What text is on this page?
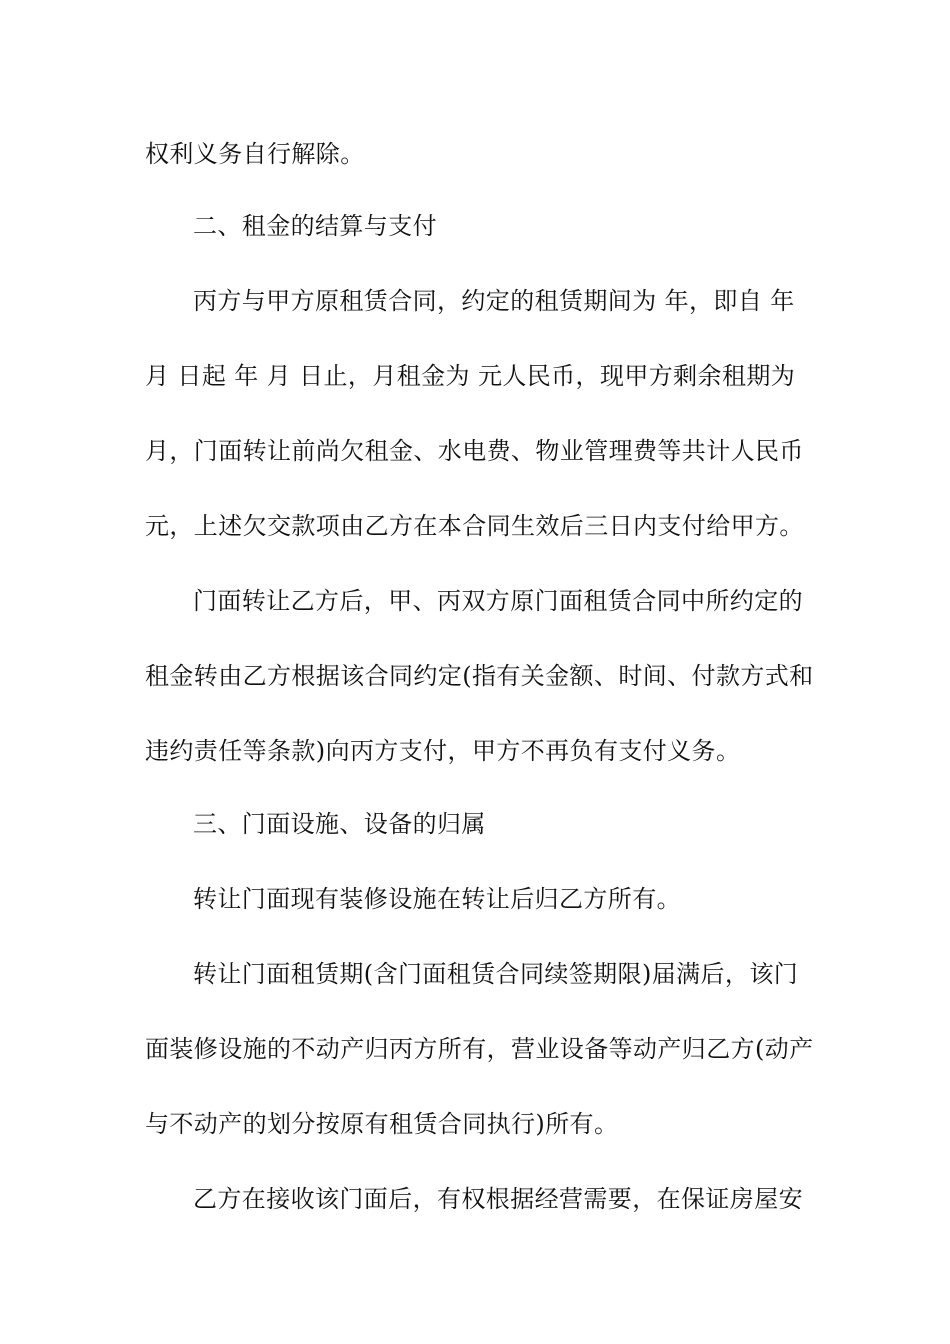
权利义务自行解除。
二、租金的结算与支付
丙方与甲方原租赁合同，约定的租赁期间为 年，即自 年
月 日起 年 月 日止，月租金为 元人民币，现甲方剩余租期为
月，门面转让前尚欠租金、水电费、物业管理费等共计人民币
元，上述欠交款项由乙方在本合同生效后三日内支付给甲方。
门面转让乙方后，甲、丙双方原门面租赁合同中所约定的
租金转由乙方根据该合同约定(指有关金额、时间、付款方式和
违约责任等条款)向丙方支付，甲方不再负有支付义务。
三、门面设施、设备的归属
转让门面现有装修设施在转让后归乙方所有。
转让门面租赁期(含门面租赁合同续签期限)届满后，该门
面装修设施的不动产归丙方所有，营业设备等动产归乙方(动产
与不动产的划分按原有租赁合同执行)所有。
乙方在接收该门面后，有权根据经营需要，在保证房屋安
